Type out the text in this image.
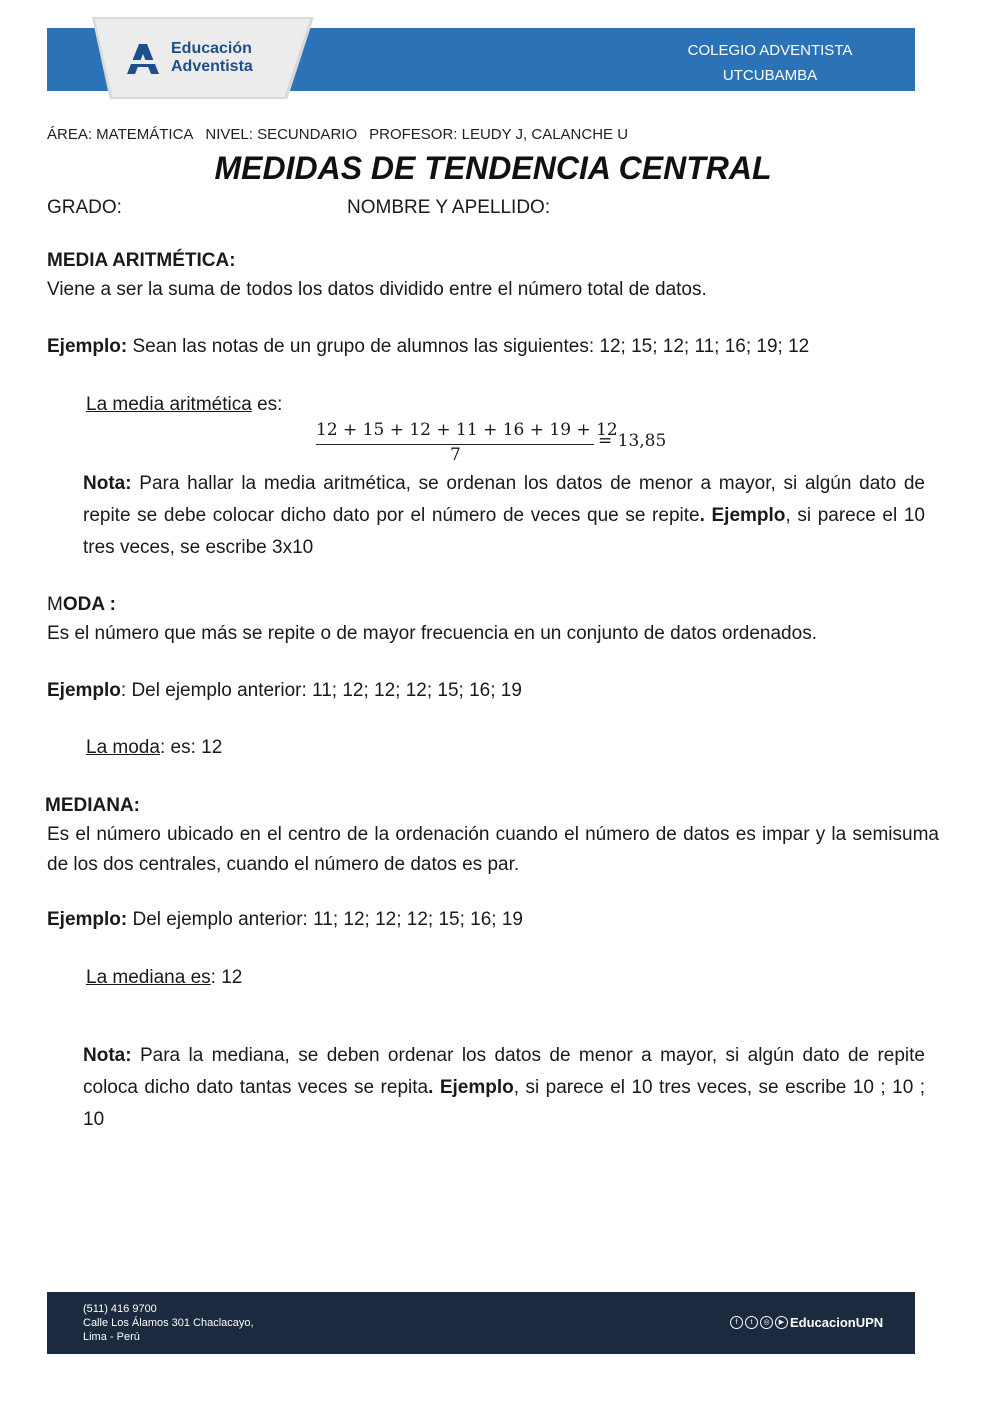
Educación
Adventista
COLEGIO ADVENTISTA
UTCUBAMBA
ÁREA: MATEMÁTICA NIVEL: SECUNDARIO PROFESOR: LEUDY J, CALANCHE U
MEDIDAS DE TENDENCIA CENTRAL
GRADO:	NOMBRE Y APELLIDO:
MEDIA ARITMÉTICA:
Viene a ser la suma de todos los datos dividido entre el número total de datos.
Ejemplo: Sean las notas de un grupo de alumnos las siguientes: 12; 15; 12; 11; 16; 19; 12
La media aritmética es:
12 + 15 + 12 + 11 + 16 + 19 + 12
7
= 13,85
Nota: Para hallar la media aritmética, se ordenan los datos de menor a mayor, si algún dato de repite se debe colocar dicho dato por el número de veces que se repite. Ejemplo, si parece el 10 tres veces, se escribe 3x10
MODA :
Es el número que más se repite o de mayor frecuencia en un conjunto de datos ordenados.
Ejemplo: Del ejemplo anterior: 11; 12; 12; 12; 15; 16; 19
La moda: es: 12
MEDIANA:
Es el número ubicado en el centro de la ordenación cuando el número de datos es impar y la semisuma de los dos centrales, cuando el número de datos es par.
Ejemplo: Del ejemplo anterior: 11; 12; 12; 12; 15; 16; 19
La mediana es: 12
Nota: Para la mediana, se deben ordenar los datos de menor a mayor, si algún dato de repite coloca dicho dato tantas veces se repita. Ejemplo, si parece el 10 tres veces, se escribe 10 ; 10 ; 10
(511) 416 9700
Calle Los Álamos 301 Chaclacayo,
Lima - Perú
f	t	◎	▶ EducacionUPN
